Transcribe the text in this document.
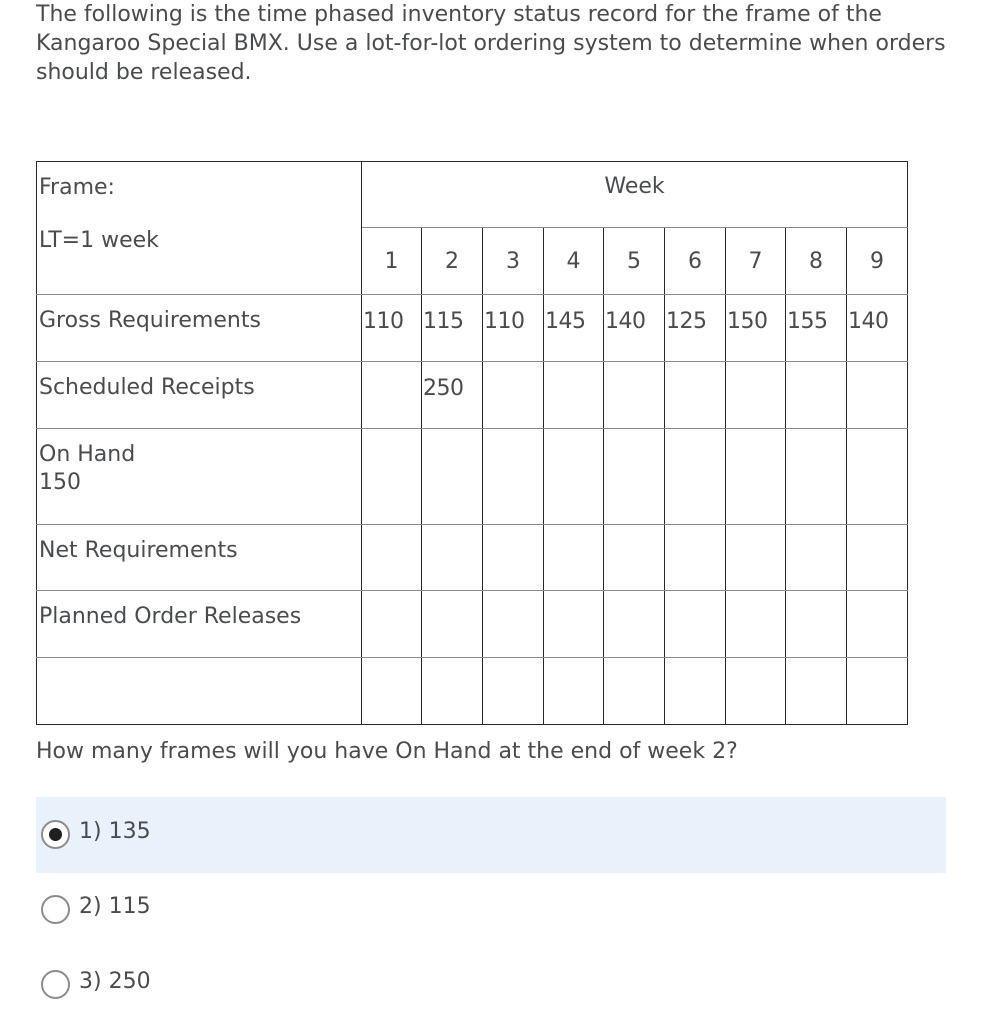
The following is the time phased inventory status record for the frame of the Kangaroo Special BMX. Use a lot-for-lot ordering system to determine when orders should be released.
Frame:	Week								
LT=1 week	1	2	3	4	5	6	7	8	9
Gross Requirements	110	115	110	145	140	125	150	155	140
Scheduled Receipts		250							

On Hand
150									

Net Requirements									
Planned Order Releases									

How many frames will you have On Hand at the end of week 2?
1) 135
2) 115
3) 250
